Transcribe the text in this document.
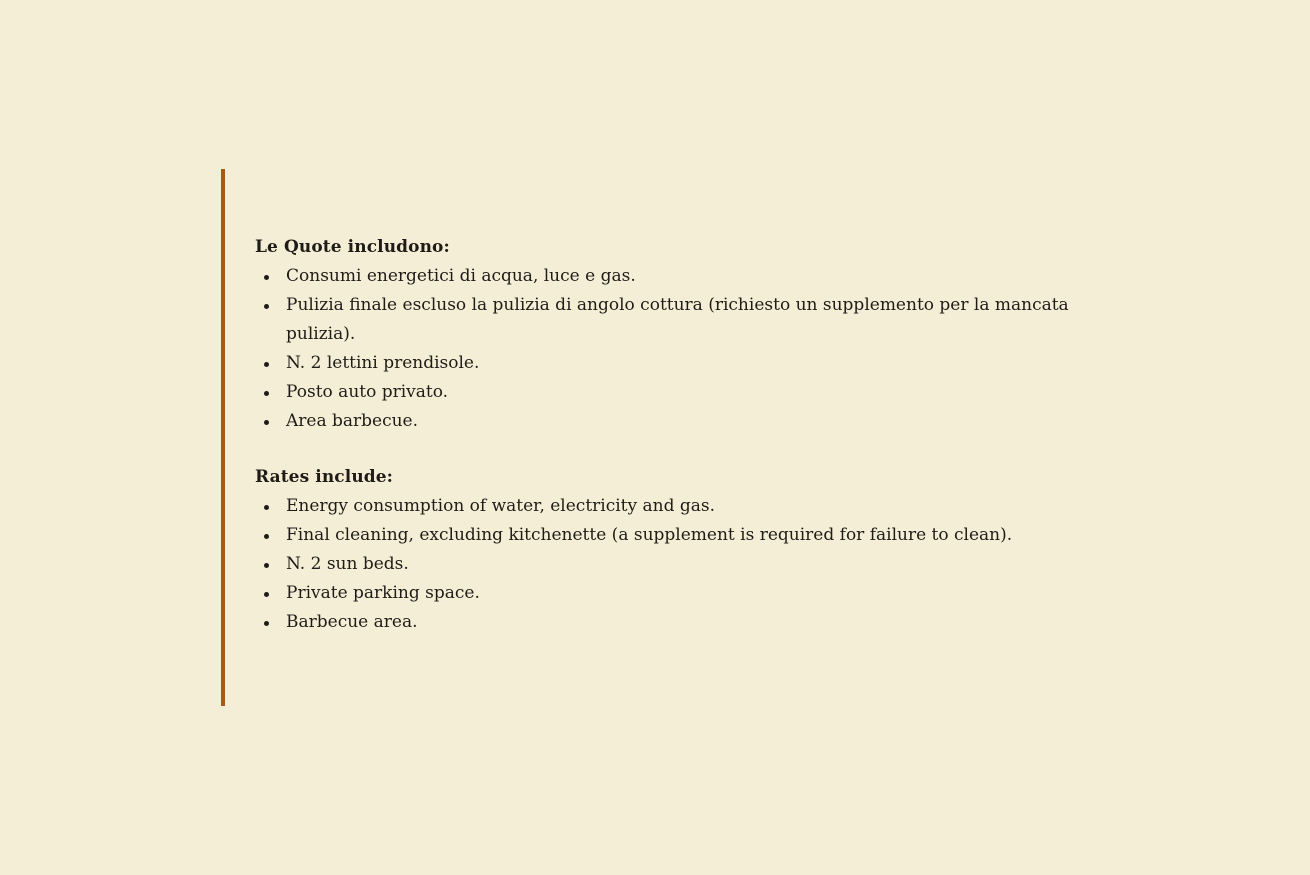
Le Quote includono:

Consumi energetici di acqua, luce e gas.
Pulizia finale escluso la pulizia di angolo cottura (richiesto un supplemento per la mancata pulizia).
N. 2 lettini prendisole.
Posto auto privato.
Area barbecue.

Rates include:

Energy consumption of water, electricity and gas.
Final cleaning, excluding kitchenette (a supplement is required for failure to clean).
N. 2 sun beds.
Private parking space.
Barbecue area.
